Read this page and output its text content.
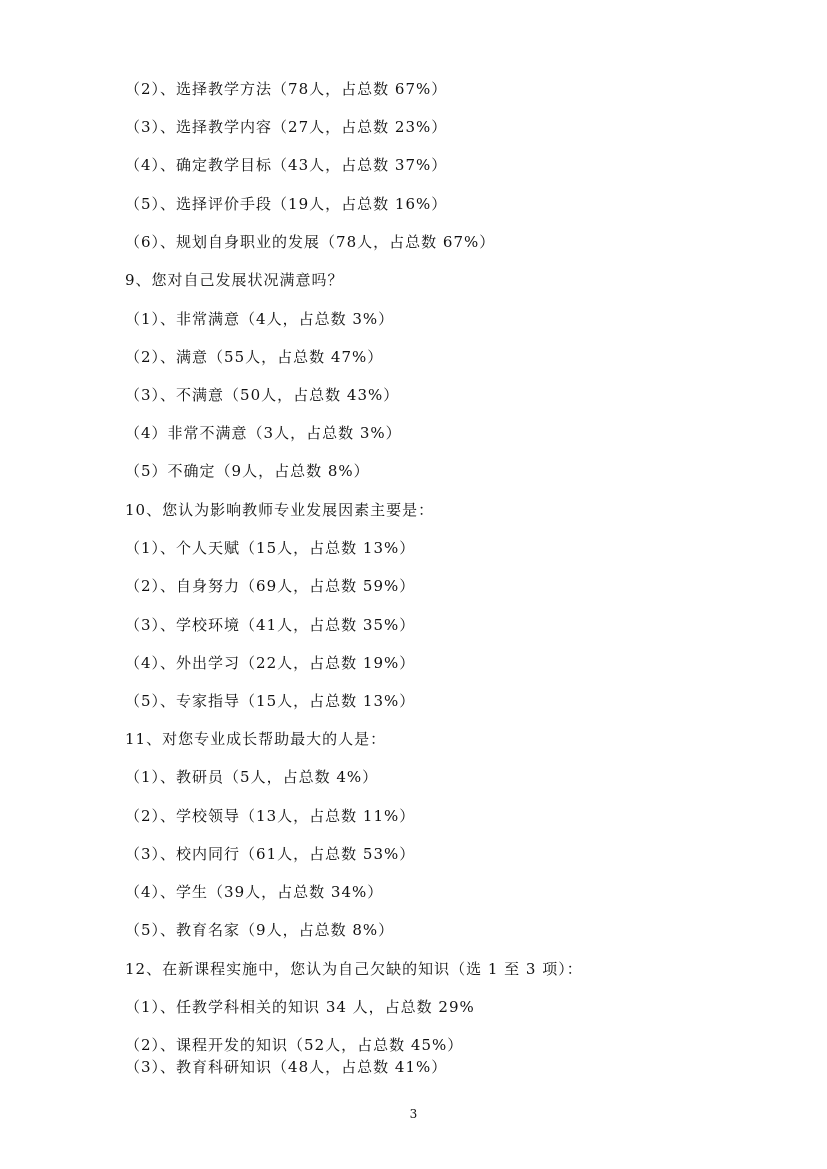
（2）、选择教学方法（78人，占总数 67%）
（3）、选择教学内容（27人，占总数 23%）
（4）、确定教学目标（43人，占总数 37%）
（5）、选择评价手段（19人，占总数 16%）
（6）、规划自身职业的发展（78人，占总数 67%）
9、您对自己发展状况满意吗？
（1）、非常满意（4人，占总数 3%）
（2）、满意（55人，占总数 47%）
（3）、不满意（50人，占总数 43%）
（4）非常不满意（3人，占总数 3%）
（5）不确定（9人，占总数 8%）
10、您认为影响教师专业发展因素主要是：
（1）、个人天赋（15人，占总数 13%）
（2）、自身努力（69人，占总数 59%）
（3）、学校环境（41人，占总数 35%）
（4）、外出学习（22人，占总数 19%）
（5）、专家指导（15人，占总数 13%）
11、对您专业成长帮助最大的人是：
（1）、教研员（5人，占总数 4%）
（2）、学校领导（13人，占总数 11%）
（3）、校内同行（61人，占总数 53%）
（4）、学生（39人，占总数 34%）
（5）、教育名家（9人，占总数 8%）
12、在新课程实施中，您认为自己欠缺的知识（选 1 至 3 项）：
（1）、任教学科相关的知识 34 人，占总数 29%
（2）、课程开发的知识（52人，占总数 45%）
（3）、教育科研知识（48人，占总数 41%）
3
